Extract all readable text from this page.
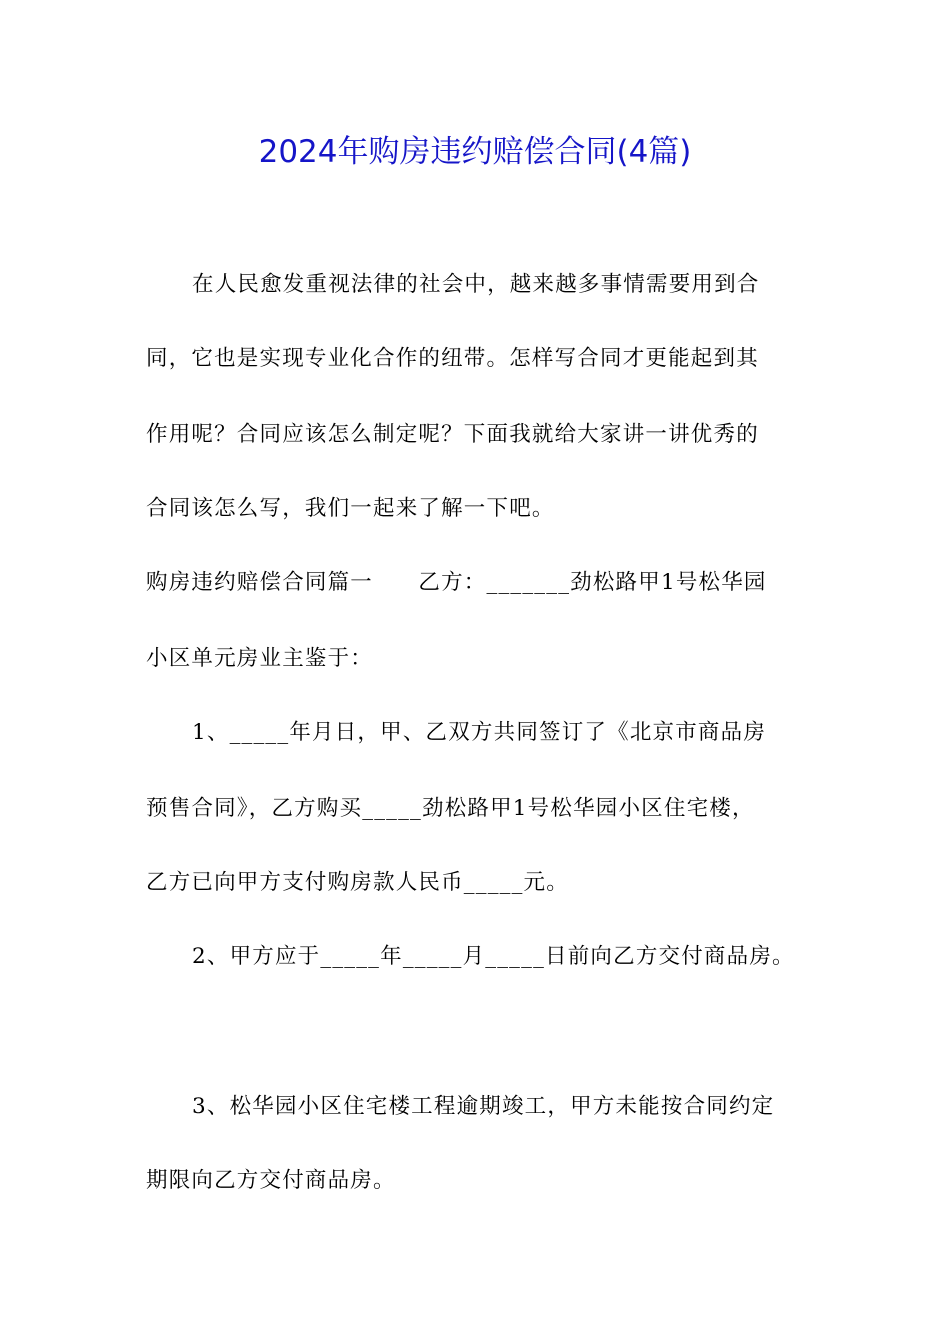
2024年购房违约赔偿合同(4篇)
在人民愈发重视法律的社会中，越来越多事情需要用到合
同，它也是实现专业化合作的纽带。怎样写合同才更能起到其
作用呢？合同应该怎么制定呢？下面我就给大家讲一讲优秀的
合同该怎么写，我们一起来了解一下吧。
购房违约赔偿合同篇一　　乙方：_______劲松路甲1号松华园
小区单元房业主鉴于：
1、_____年月日，甲、乙双方共同签订了《北京市商品房
预售合同》，乙方购买_____劲松路甲1号松华园小区住宅楼，
乙方已向甲方支付购房款人民币_____元。
2、甲方应于_____年_____月_____日前向乙方交付商品房。
3、松华园小区住宅楼工程逾期竣工，甲方未能按合同约定
期限向乙方交付商品房。
